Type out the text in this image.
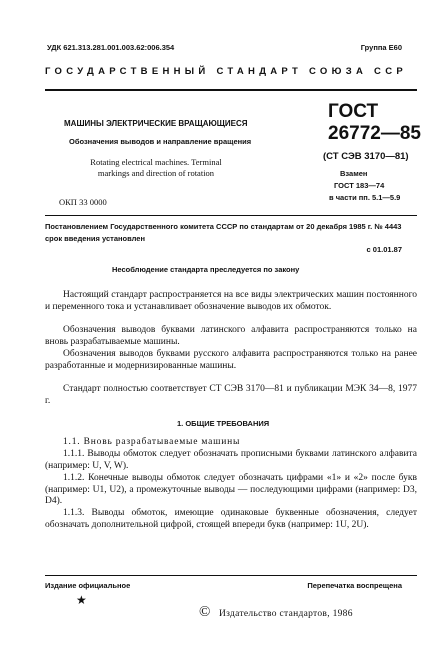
УДК 621.313.281.001.003.62:006.354	Группа Е60
ГОСУДАРСТВЕННЫЙ СТАНДАРТ СОЮЗА ССР
МАШИНЫ ЭЛЕКТРИЧЕСКИЕ ВРАЩАЮЩИЕСЯ
Обозначения выводов и направление вращения
Rotating electrical machines. Terminal
markings and direction of rotation
ОКП 33 0000
ГОСТ
26772—85
(СТ СЭВ 3170—81)
Взамен
ГОСТ 183—74
в части пп. 5.1—5.9
Постановлением Государственного комитета СССР по стандартам от 20 декабря 1985 г. № 4443 срок введения установлен
с 01.01.87
Несоблюдение стандарта преследуется по закону
Настоящий стандарт распространяется на все виды электрических машин постоянного и переменного тока и устанавливает обозначение выводов их обмоток.
Обозначения выводов буквами латинского алфавита распространяются только на вновь разрабатываемые машины.
Обозначения выводов буквами русского алфавита распространяются только на ранее разработанные и модернизированные машины.
Стандарт полностью соответствует СТ СЭВ 3170—81 и публикации МЭК 34—8, 1977 г.
1. ОБЩИЕ ТРЕБОВАНИЯ
1.1. Вновь разрабатываемые машины
1.1.1. Выводы обмоток следует обозначать прописными буквами латинского алфавита (например: U, V, W).
1.1.2. Конечные выводы обмоток следует обозначать цифрами «1» и «2» после букв (например: U1, U2), а промежуточные выводы — последующими цифрами (например: D3, D4).
1.1.3. Выводы обмоток, имеющие одинаковые буквенные обозначения, следует обозначать дополнительной цифрой, стоящей впереди букв (например: 1U, 2U).
Издание официальное	Перепечатка воспрещена
★
© Издательство стандартов, 1986
